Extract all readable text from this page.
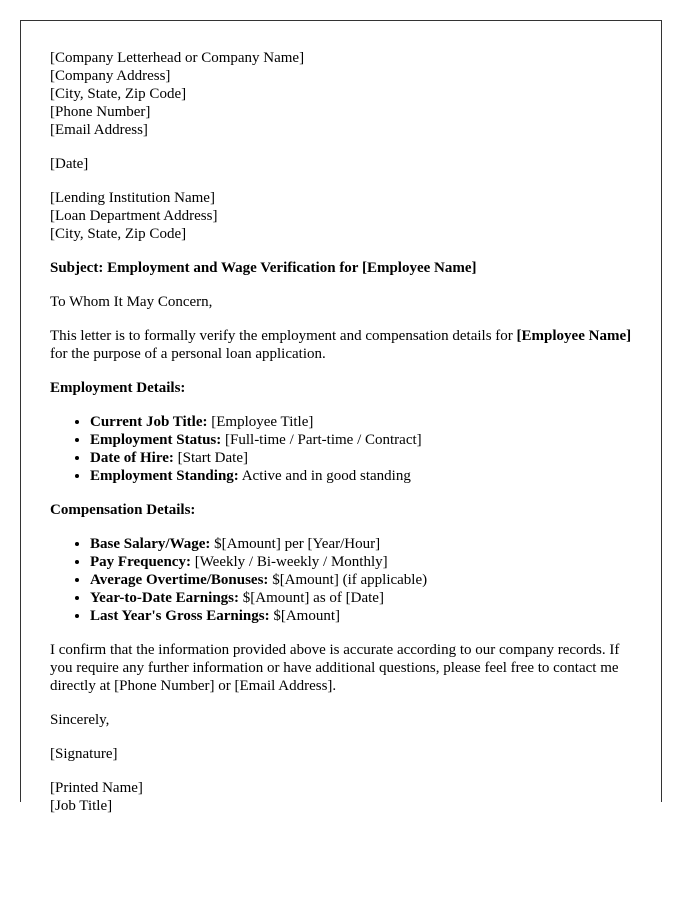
[Company Letterhead or Company Name]
[Company Address]
[City, State, Zip Code]
[Phone Number]
[Email Address]
[Date]
[Lending Institution Name]
[Loan Department Address]
[City, State, Zip Code]
Subject: Employment and Wage Verification for [Employee Name]
To Whom It May Concern,
This letter is to formally verify the employment and compensation details for [Employee Name] for the purpose of a personal loan application.
Employment Details:
• Current Job Title: [Employee Title]
• Employment Status: [Full-time / Part-time / Contract]
• Date of Hire: [Start Date]
• Employment Standing: Active and in good standing
Compensation Details:
• Base Salary/Wage: $[Amount] per [Year/Hour]
• Pay Frequency: [Weekly / Bi-weekly / Monthly]
• Average Overtime/Bonuses: $[Amount] (if applicable)
• Year-to-Date Earnings: $[Amount] as of [Date]
• Last Year's Gross Earnings: $[Amount]
I confirm that the information provided above is accurate according to our company records. If you require any further information or have additional questions, please feel free to contact me directly at [Phone Number] or [Email Address].
Sincerely,
[Signature]
[Printed Name]
[Job Title]
